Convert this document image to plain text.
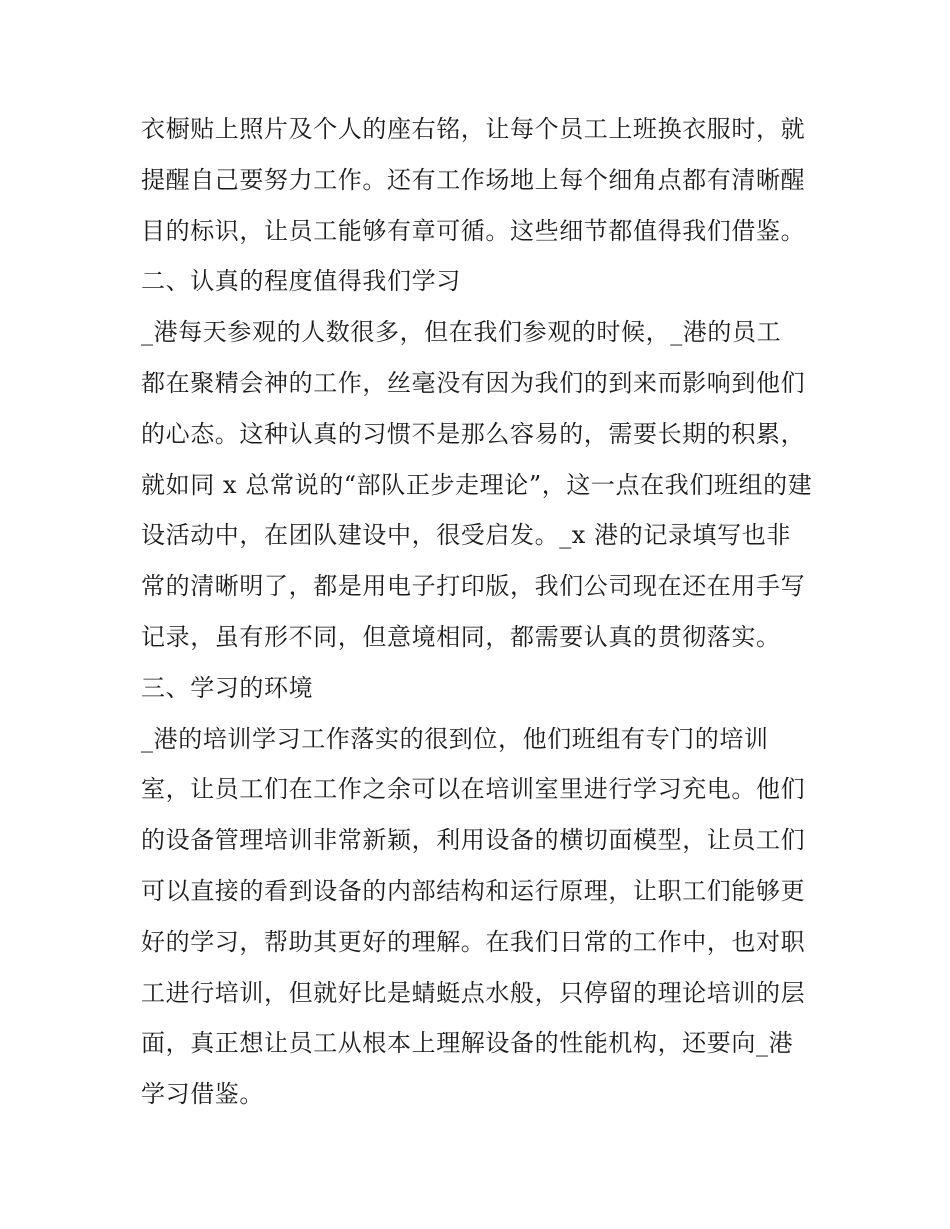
衣橱贴上照片及个人的座右铭，让每个员工上班换衣服时，就
提醒自己要努力工作。还有工作场地上每个细角点都有清晰醒
目的标识，让员工能够有章可循。这些细节都值得我们借鉴。
二、认真的程度值得我们学习
_港每天参观的人数很多，但在我们参观的时候，_港的员工
都在聚精会神的工作，丝毫没有因为我们的到来而影响到他们
的心态。这种认真的习惯不是那么容易的，需要长期的积累，
就如同 x 总常说的“部队正步走理论”，这一点在我们班组的建
设活动中，在团队建设中，很受启发。_x 港的记录填写也非
常的清晰明了，都是用电子打印版，我们公司现在还在用手写
记录，虽有形不同，但意境相同，都需要认真的贯彻落实。
三、学习的环境
_港的培训学习工作落实的很到位，他们班组有专门的培训
室，让员工们在工作之余可以在培训室里进行学习充电。他们
的设备管理培训非常新颖，利用设备的横切面模型，让员工们
可以直接的看到设备的内部结构和运行原理，让职工们能够更
好的学习，帮助其更好的理解。在我们日常的工作中，也对职
工进行培训，但就好比是蜻蜓点水般，只停留的理论培训的层
面，真正想让员工从根本上理解设备的性能机构，还要向_港
学习借鉴。
